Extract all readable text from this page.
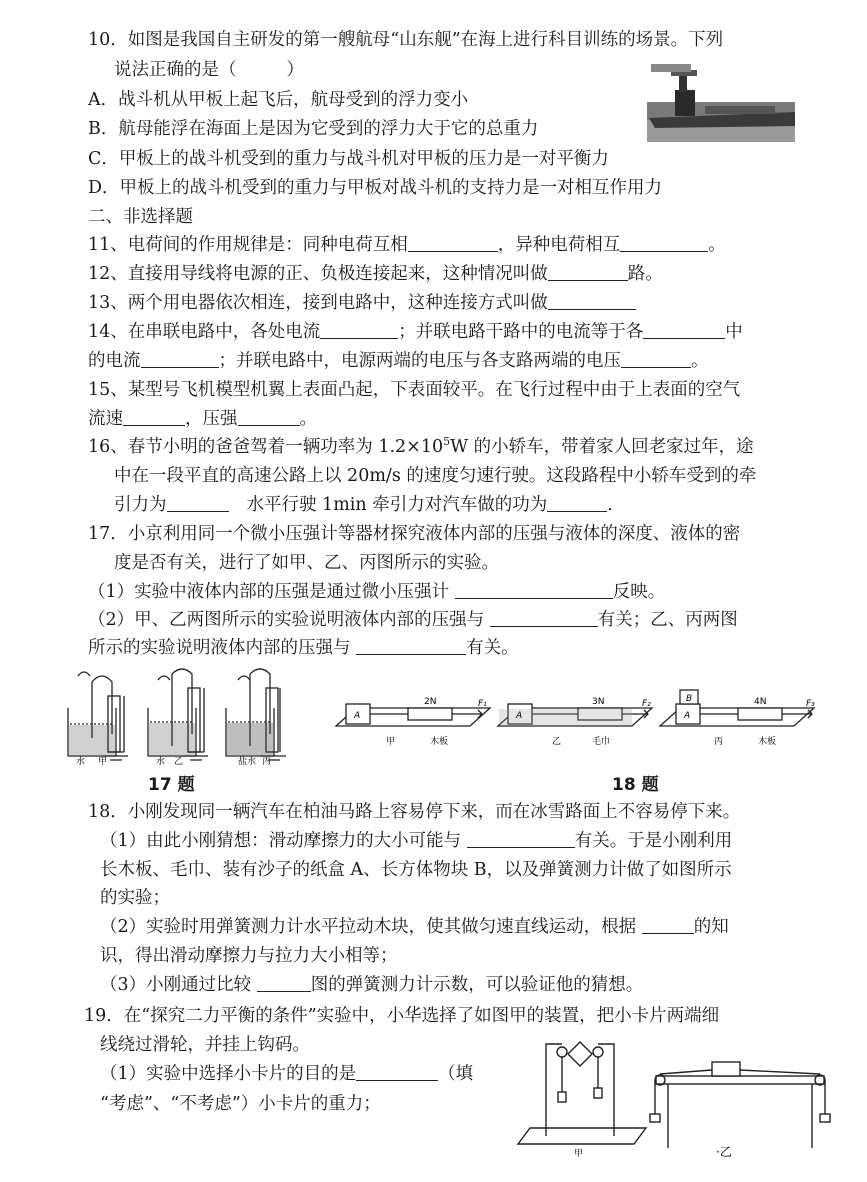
10．如图是我国自主研发的第一艘航母“山东舰”在海上进行科目训练的场景。下列
说法正确的是（	）
A．战斗机从甲板上起飞后，航母受到的浮力变小
B．航母能浮在海面上是因为它受到的浮力大于它的总重力
C．甲板上的战斗机受到的重力与战斗机对甲板的压力是一对平衡力
D．甲板上的战斗机受到的重力与甲板对战斗机的支持力是一对相互作用力
二、非选择题
11、电荷间的作用规律是：同种电荷互相	，异种电荷相互	。
12、直接用导线将电源的正、负极连接起来，这种情况叫做	路。
13、两个用电器依次相连，接到电路中，这种连接方式叫做
14、在串联电路中，各处电流	；并联电路干路中的电流等于各	中
的电流	；并联电路中，电源两端的电压与各支路两端的电压	。
15、某型号飞机模型机翼上表面凸起，下表面较平。在飞行过程中由于上表面的空气
流速	，压强	。
16、春节小明的爸爸驾着一辆功率为 $1.2\times 10^5W$ 的小轿车，带着家人回老家过年，途
中在一段平直的高速公路上以 20m/s 的速度匀速行驶。这段路程中小轿车受到的牵
引力为	水平行驶 1min 牵引力对汽车做的功为	.
17．小京利用同一个微小压强计等器材探究液体内部的压强与液体的深度、液体的密
度是否有关，进行了如甲、乙、丙图所示的实验。
（1）实验中液体内部的压强是通过微小压强计	反映。
（2）甲、乙两图所示的实验说明液体内部的压强与	有关；乙、丙两图
所示的实验说明液体内部的压强与	有关。
水 甲	水 乙	盐水 丙
17 题
A	A	A
B
2N	3N	4N
F₁	F₂	F₃
甲	木板	乙	毛巾	丙	木板
18 题
18．小刚发现同一辆汽车在柏油马路上容易停下来，而在冰雪路面上不容易停下来。
（1）由此小刚猜想：滑动摩擦力的大小可能与	有关。于是小刚利用
长木板、毛巾、装有沙子的纸盒 A、长方体物块 B，以及弹簧测力计做了如图所示
的实验；
（2）实验时用弹簧测力计水平拉动木块，使其做匀速直线运动，根据	的知
识，得出滑动摩擦力与拉力大小相等；
（3）小刚通过比较	图的弹簧测力计示数，可以验证他的猜想。
19．在“探究二力平衡的条件”实验中，小华选择了如图甲的装置，把小卡片两端细
线绕过滑轮，并挂上钩码。
（1）实验中选择小卡片的目的是	（填
“考虑”、“不考虑”）小卡片的重力；
甲	·乙
